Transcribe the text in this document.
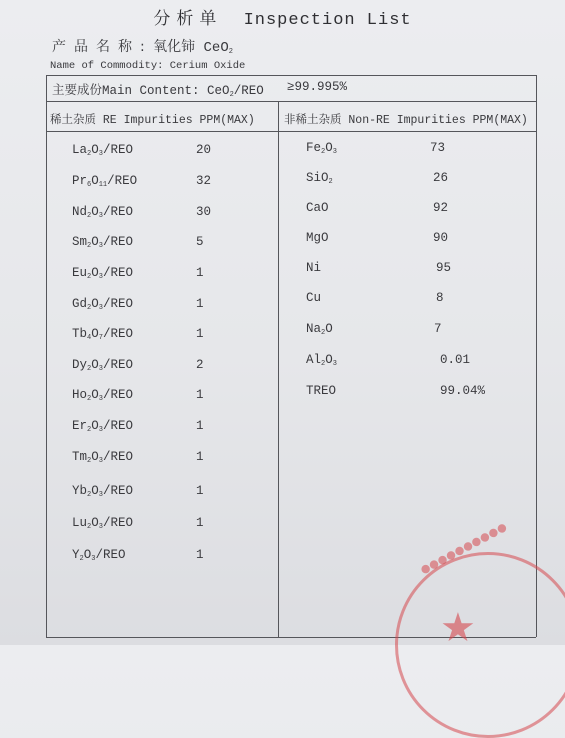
分析单 Inspection List
产品名称: 氧化铈 CeO$_2$
Name of Commodity: Cerium Oxide
主要成份Main Content: CeO$_2$/REO ≥99.995%
稀土杂质 RE Impurities PPM(MAX)	非稀土杂质 Non-RE Impurities PPM(MAX)
$La_2O_3$/REO	20
$Pr_6O_{11}$/REO	32
$Nd_2O_3$/REO	30
$Sm_2O_3$/REO	5
$Eu_2O_3$/REO	1
$Gd_2O_3$/REO	1
$Tb_4O_7$/REO	1
$Dy_2O_3$/REO	2
$Ho_2O_3$/REO	1
$Er_2O_3$/REO	1
$Tm_2O_3$/REO	1
$Yb_2O_3$/REO	1
$Lu_2O_3$/REO	1
$Y_2O_3$/REO	1
$Fe_2O_3$	73
SiO$_2$	26
CaO	92
MgO	90
Ni	95
Cu	8
$Na_2O$	7
$Al_2O_3$	0.01
TREO	99.04%
●●●●●●●●●●
★
